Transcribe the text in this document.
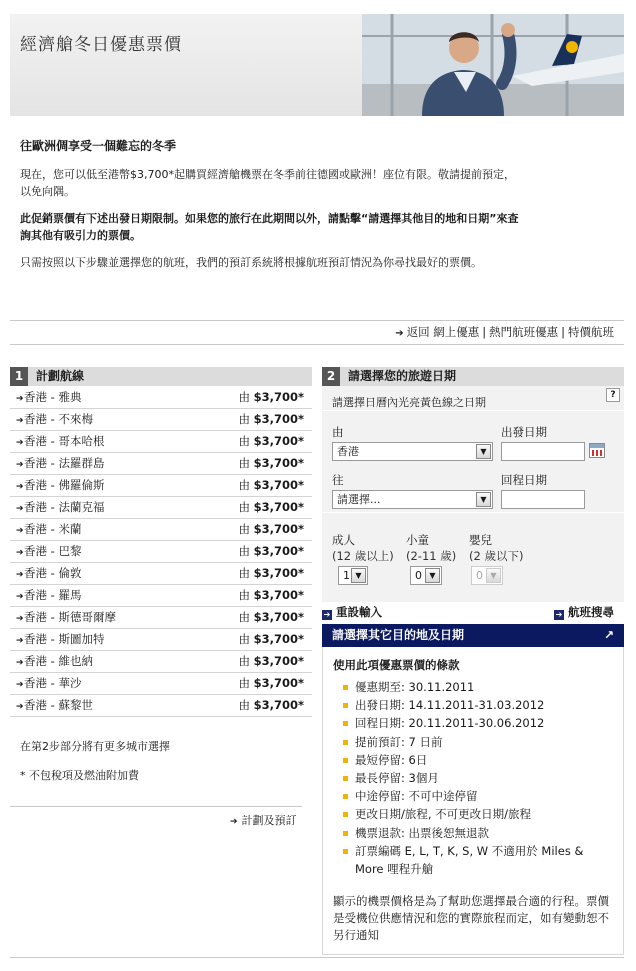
經濟艙冬日優惠票價
往歐洲倜享受一個難忘的冬季

現在，您可以低至港幣$3,700*起購買經濟艙機票在冬季前往德國或歐洲！座位有限。敬請提前預定，以免向隅。

此促銷票價有下述出發日期限制。如果您的旅行在此期間以外，請點擊“請選擇其他目的地和日期”來查詢其他有吸引力的票價。

只需按照以下步驟並選擇您的航班，我們的預訂系統將根據航班預訂情況為你尋找最好的票價。

➔ 返回 網上優惠 | 熱門航班優惠 | 特價航班
1 計劃航線
➔香港 - 雅典	由 $3,700*
➔香港 - 不來梅	由 $3,700*
➔香港 - 哥本哈根	由 $3,700*
➔香港 - 法羅群島	由 $3,700*
➔香港 - 佛羅倫斯	由 $3,700*
➔香港 - 法蘭克福	由 $3,700*
➔香港 - 米蘭	由 $3,700*
➔香港 - 巴黎	由 $3,700*
➔香港 - 倫敦	由 $3,700*
➔香港 - 羅馬	由 $3,700*
➔香港 - 斯德哥爾摩	由 $3,700*
➔香港 - 斯圖加特	由 $3,700*
➔香港 - 維也納	由 $3,700*
➔香港 - 華沙	由 $3,700*
➔香港 - 蘇黎世	由 $3,700*
在第2步部分將有更多城市選擇
* 不包稅項及燃油附加費
➔ 計劃及預訂
2 請選擇您的旅遊日期
請選擇日曆內光亮黃色線之日期
?
由
香港	▼
出發日期
往
請選擇...	▼
回程日期
成人
(12 歲以上)
1 ▼
小童
(2-11 歲)
0 ▼
嬰兒
(2 歲以下)
0 ▼
➔ 重設輸入	➔ 航班搜尋
請選擇其它目的地及日期	↗
使用此項優惠票價的條款
優惠期至: 30.11.2011
出發日期: 14.11.2011-31.03.2012
回程日期: 20.11.2011-30.06.2012
提前預訂: 7 日前
最短停留: 6日
最長停留: 3個月
中途停留: 不可中途停留
更改日期/旅程, 不可更改日期/旅程
機票退款: 出票後恕無退款
訂票編碼 E, L, T, K, S, W 不適用於 Miles & More 哩程升艙
顯示的機票價格是為了幫助您選擇最合適的行程。票價是受機位供應情況和您的實際旅程而定，如有變動恕不另行通知
